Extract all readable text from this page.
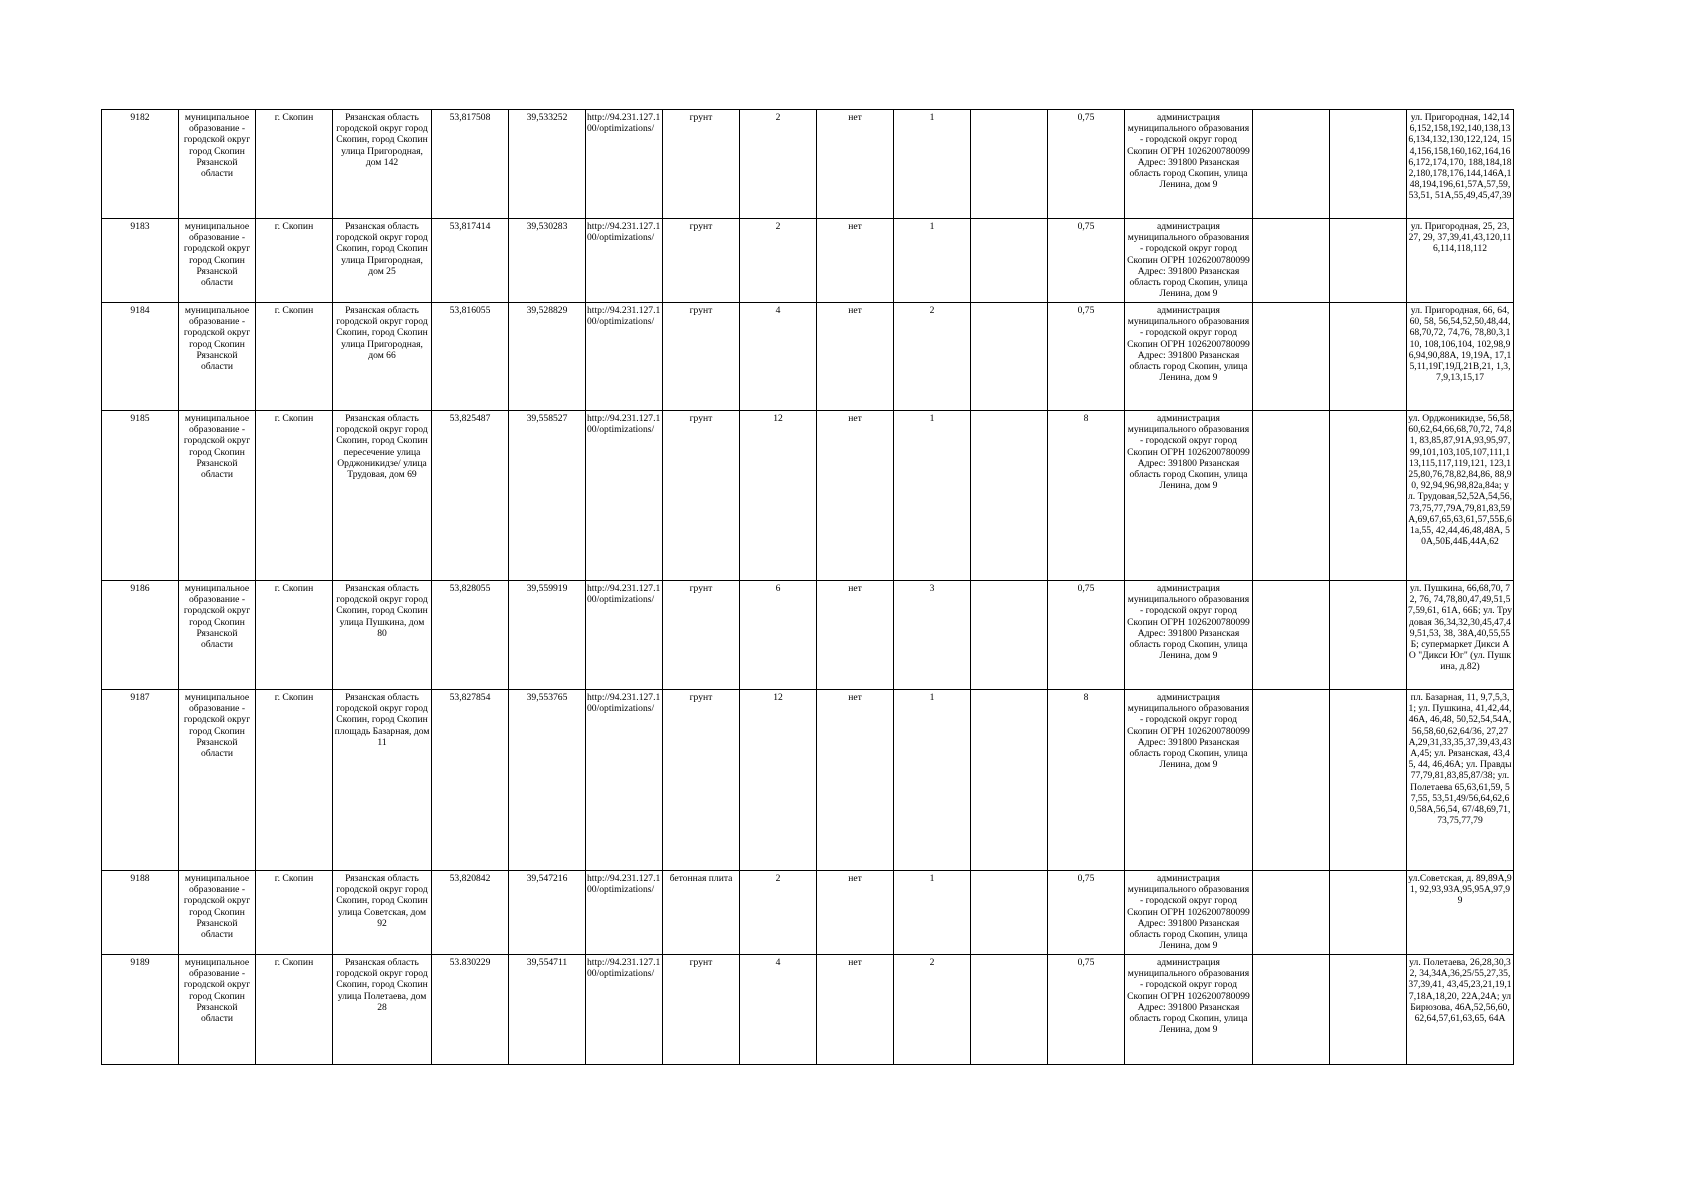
9182	муниципальное образование - городской округ город Скопин Рязанской области	г. Скопин	Рязанская область городской округ город Скопин, город Скопин улица Пригородная, дом 142	53,817508	39,533252	http://94.231.127.100/optimizations/	грунт	2	нет	1		0,75	администрация муниципального образования - городской округ город Скопин ОГРН 1026200780099 Адрес: 391800 Рязанская область город Скопин, улица Ленина, дом 9			ул. Пригородная, 142,146,152,158,192,140,138,136,134,132,130,122,124, 154,156,158,160,162,164,166,172,174,170, 188,184,182,180,178,176,144,146А,148,194,196,61,57А,57,59,53,51, 51А,55,49,45,47,39
9183	муниципальное образование - городской округ город Скопин Рязанской области	г. Скопин	Рязанская область городской округ город Скопин, город Скопин улица Пригородная, дом 25	53,817414	39,530283	http://94.231.127.100/optimizations/	грунт	2	нет	1		0,75	администрация муниципального образования - городской округ город Скопин ОГРН 1026200780099 Адрес: 391800 Рязанская область город Скопин, улица Ленина, дом 9			ул. Пригородная, 25, 23, 27, 29, 37,39,41,43,120,116,114,118,112
9184	муниципальное образование - городской округ город Скопин Рязанской области	г. Скопин	Рязанская область городской округ город Скопин, город Скопин улица Пригородная, дом 66	53,816055	39,528829	http://94.231.127.100/optimizations/	грунт	4	нет	2		0,75	администрация муниципального образования - городской округ город Скопин ОГРН 1026200780099 Адрес: 391800 Рязанская область город Скопин, улица Ленина, дом 9			ул. Пригородная, 66, 64, 60, 58, 56,54,52,50,48,44,68,70,72, 74,76, 78,80,3,110, 108,106,104, 102,98,96,94,90,88А, 19,19А, 17,15,11,19Г,19Д,21В,21, 1,3,7,9,13,15,17
9185	муниципальное образование - городской округ город Скопин Рязанской области	г. Скопин	Рязанская область городской округ город Скопин, город Скопин пересечение улица Орджоникидзе/ улица Трудовая, дом 69	53,825487	39,558527	http://94.231.127.100/optimizations/	грунт	12	нет	1		8	администрация муниципального образования - городской округ город Скопин ОГРН 1026200780099 Адрес: 391800 Рязанская область город Скопин, улица Ленина, дом 9			ул. Орджоникидзе, 56,58,60,62,64,66,68,70,72, 74,81, 83,85,87,91А,93,95,97,99,101,103,105,107,111,113,115,117,119,121, 123,125,80,76,78,82,84,86, 88,90, 92,94,96,98,82а,84а; ул. Трудовая,52,52А,54,56,73,75,77,79А,79,81,83,59А,69,67,65,63,61,57,55Б,61а,55, 42,44,46,48,48А, 50А,50Б,44Б,44А,62
9186	муниципальное образование - городской округ город Скопин Рязанской области	г. Скопин	Рязанская область городской округ город Скопин, город Скопин улица Пушкина, дом 80	53,828055	39,559919	http://94.231.127.100/optimizations/	грунт	6	нет	3		0,75	администрация муниципального образования - городской округ город Скопин ОГРН 1026200780099 Адрес: 391800 Рязанская область город Скопин, улица Ленина, дом 9			ул. Пушкина, 66,68,70, 72, 76, 74,78,80,47,49,51,57,59,61, 61А, 66Б; ул. Трудовая 36,34,32,30,45,47,49,51,53, 38, 38А,40,55,55Б; супермаркет Дикси АО "Дикси Юг" (ул. Пушкина, д.82)
9187	муниципальное образование - городской округ город Скопин Рязанской области	г. Скопин	Рязанская область городской округ город Скопин, город Скопин площадь Базарная, дом 11	53,827854	39,553765	http://94.231.127.100/optimizations/	грунт	12	нет	1		8	администрация муниципального образования - городской округ город Скопин ОГРН 1026200780099 Адрес: 391800 Рязанская область город Скопин, улица Ленина, дом 9			пл. Базарная, 11, 9,7,5,3,1; ул. Пушкина, 41,42,44,46А, 46,48, 50,52,54,54А,56,58,60,62,64/36, 27,27А,29,31,33,35,37,39,43,43А,45; ул. Рязанская, 43,45, 44, 46,46А; ул. Правды 77,79,81,83,85,87/38; ул. Полетаева 65,63,61,59, 57,55, 53,51,49/56,64,62,60,58А,56,54, 67/48,69,71,73,75,77,79
9188	муниципальное образование - городской округ город Скопин Рязанской области	г. Скопин	Рязанская область городской округ город Скопин, город Скопин улица Советская, дом 92	53,820842	39,547216	http://94.231.127.100/optimizations/	бетонная плита	2	нет	1		0,75	администрация муниципального образования - городской округ город Скопин ОГРН 1026200780099 Адрес: 391800 Рязанская область город Скопин, улица Ленина, дом 9			ул.Советская, д. 89,89А,91, 92,93,93А,95,95А,97,99
9189	муниципальное образование - городской округ город Скопин Рязанской области	г. Скопин	Рязанская область городской округ город Скопин, город Скопин улица Полетаева, дом 28	53.830229	39,554711	http://94.231.127.100/optimizations/	грунт	4	нет	2		0,75	администрация муниципального образования - городской округ город Скопин ОГРН 1026200780099 Адрес: 391800 Рязанская область город Скопин, улица Ленина, дом 9			ул. Полетаева, 26,28,30,32, 34,34А,36,25/55,27,35,37,39,41, 43,45,23,21,19,17,18А,18,20, 22А,24А; ул Бирюзова, 46А,52,56,60,62,64,57,61,63,65, 64А
